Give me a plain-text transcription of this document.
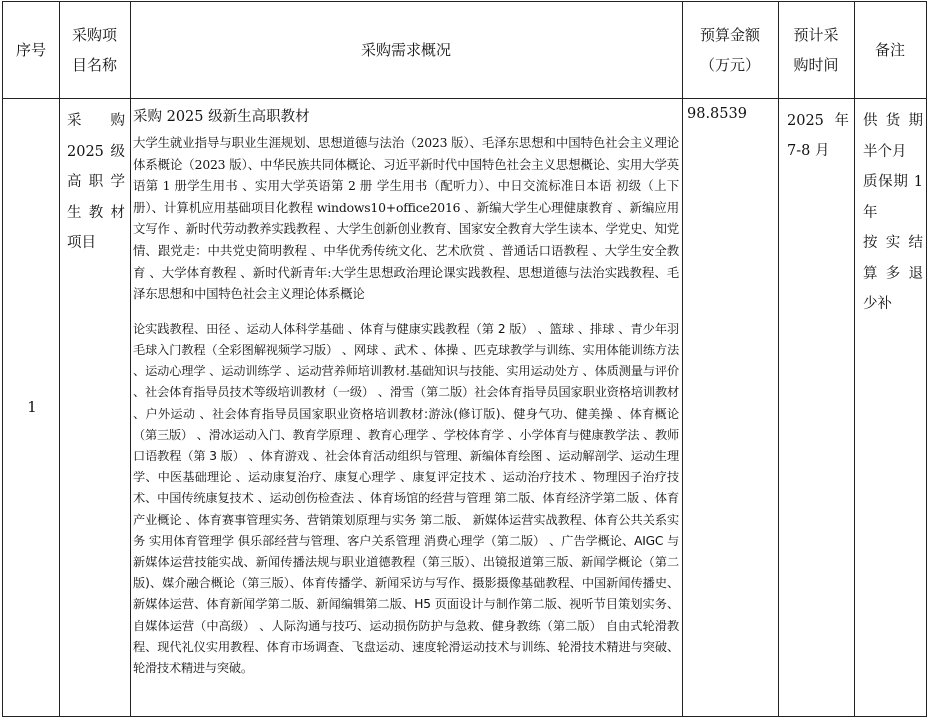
序号
采购项
目名称
采购需求概况
预算金额
（万元）
预计采
购时间
备注
1
采　购
2025 级
高职学
生教材
项目
采购 2025 级新生高职教材

大学生就业指导与职业生涯规划、思想道德与法治（2023 版）、毛泽东思想和中国特色社会主义理论体系概论（2023 版）、中华民族共同体概论、习近平新时代中国特色社会主义思想概论、实用大学英语第 1 册学生用书 、实用大学英语第 2 册 学生用书（配听力）、中日交流标准日本语 初级（上下册）、计算机应用基础项目化教程 windows10+office2016 、新编大学生心理健康教育 、新编应用文写作 、新时代劳动教养实践教程 、大学生创新创业教育、国家安全教育大学生读本、学党史、知党情、跟党走：中共党史简明教程 、中华优秀传统文化、艺术欣赏 、普通话口语教程 、大学生安全教育 、大学体育教程 、新时代新青年:大学生思想政治理论课实践教程、思想道德与法治实践教程、毛泽东思想和中国特色社会主义理论体系概论

论实践教程、田径 、运动人体科学基础 、体育与健康实践教程（第 2 版） 、篮球 、排球 、青少年羽毛球入门教程（全彩图解视频学习版） 、网球 、武术 、体操 、匹克球教学与训练、实用体能训练方法 、运动心理学 、运动训练学 、运动营养师培训教材.基础知识与技能、实用运动处方 、体质测量与评价 、社会体育指导员技术等级培训教材（一级） 、滑雪（第二版）社会体育指导员国家职业资格培训教材 、户外运动 、社会体育指导员国家职业资格培训教材:游泳(修订版)、健身气功、健美操 、体育概论（第三版） 、滑冰运动入门、教育学原理 、教育心理学 、学校体育学 、小学体育与健康教学法 、教师口语教程（第 3 版） 、体育游戏 、社会体育活动组织与管理、新编体育绘图 、运动解剖学、运动生理学、中医基础理论 、运动康复治疗、康复心理学 、康复评定技术 、运动治疗技术 、物理因子治疗技术、中国传统康复技术 、运动创伤检查法 、体育场馆的经营与管理 第二版、体育经济学第二版 、体育产业概论 、体育赛事管理实务、营销策划原理与实务 第二版、 新媒体运营实战教程、体育公共关系实务 实用体育管理学 俱乐部经营与管理、客户关系管理 消费心理学（第二版） 、广告学概论、AIGC 与新媒体运营技能实战、新闻传播法规与职业道德教程（第三版）、出镜报道第三版、新闻学概论（第二版)、媒介融合概论（第三版）、体育传播学、新闻采访与写作、摄影摄像基础教程、中国新闻传播史、新媒体运营、体育新闻学第二版、新闻编辑第二版、H5 页面设计与制作第二版、视听节目策划实务、自媒体运营（中高级） 、人际沟通与技巧、运动损伤防护与急救、健身教练（第二版） 自由式轮滑教程、现代礼仪实用教程、体育市场调查、飞盘运动、速度轮滑运动技术与训练、轮滑技术精进与突破、轮滑技术精进与突破。

98.8539	2025 年
7-8 月
供货期
半个月
质保期 1
年
按实结
算多退
少补
